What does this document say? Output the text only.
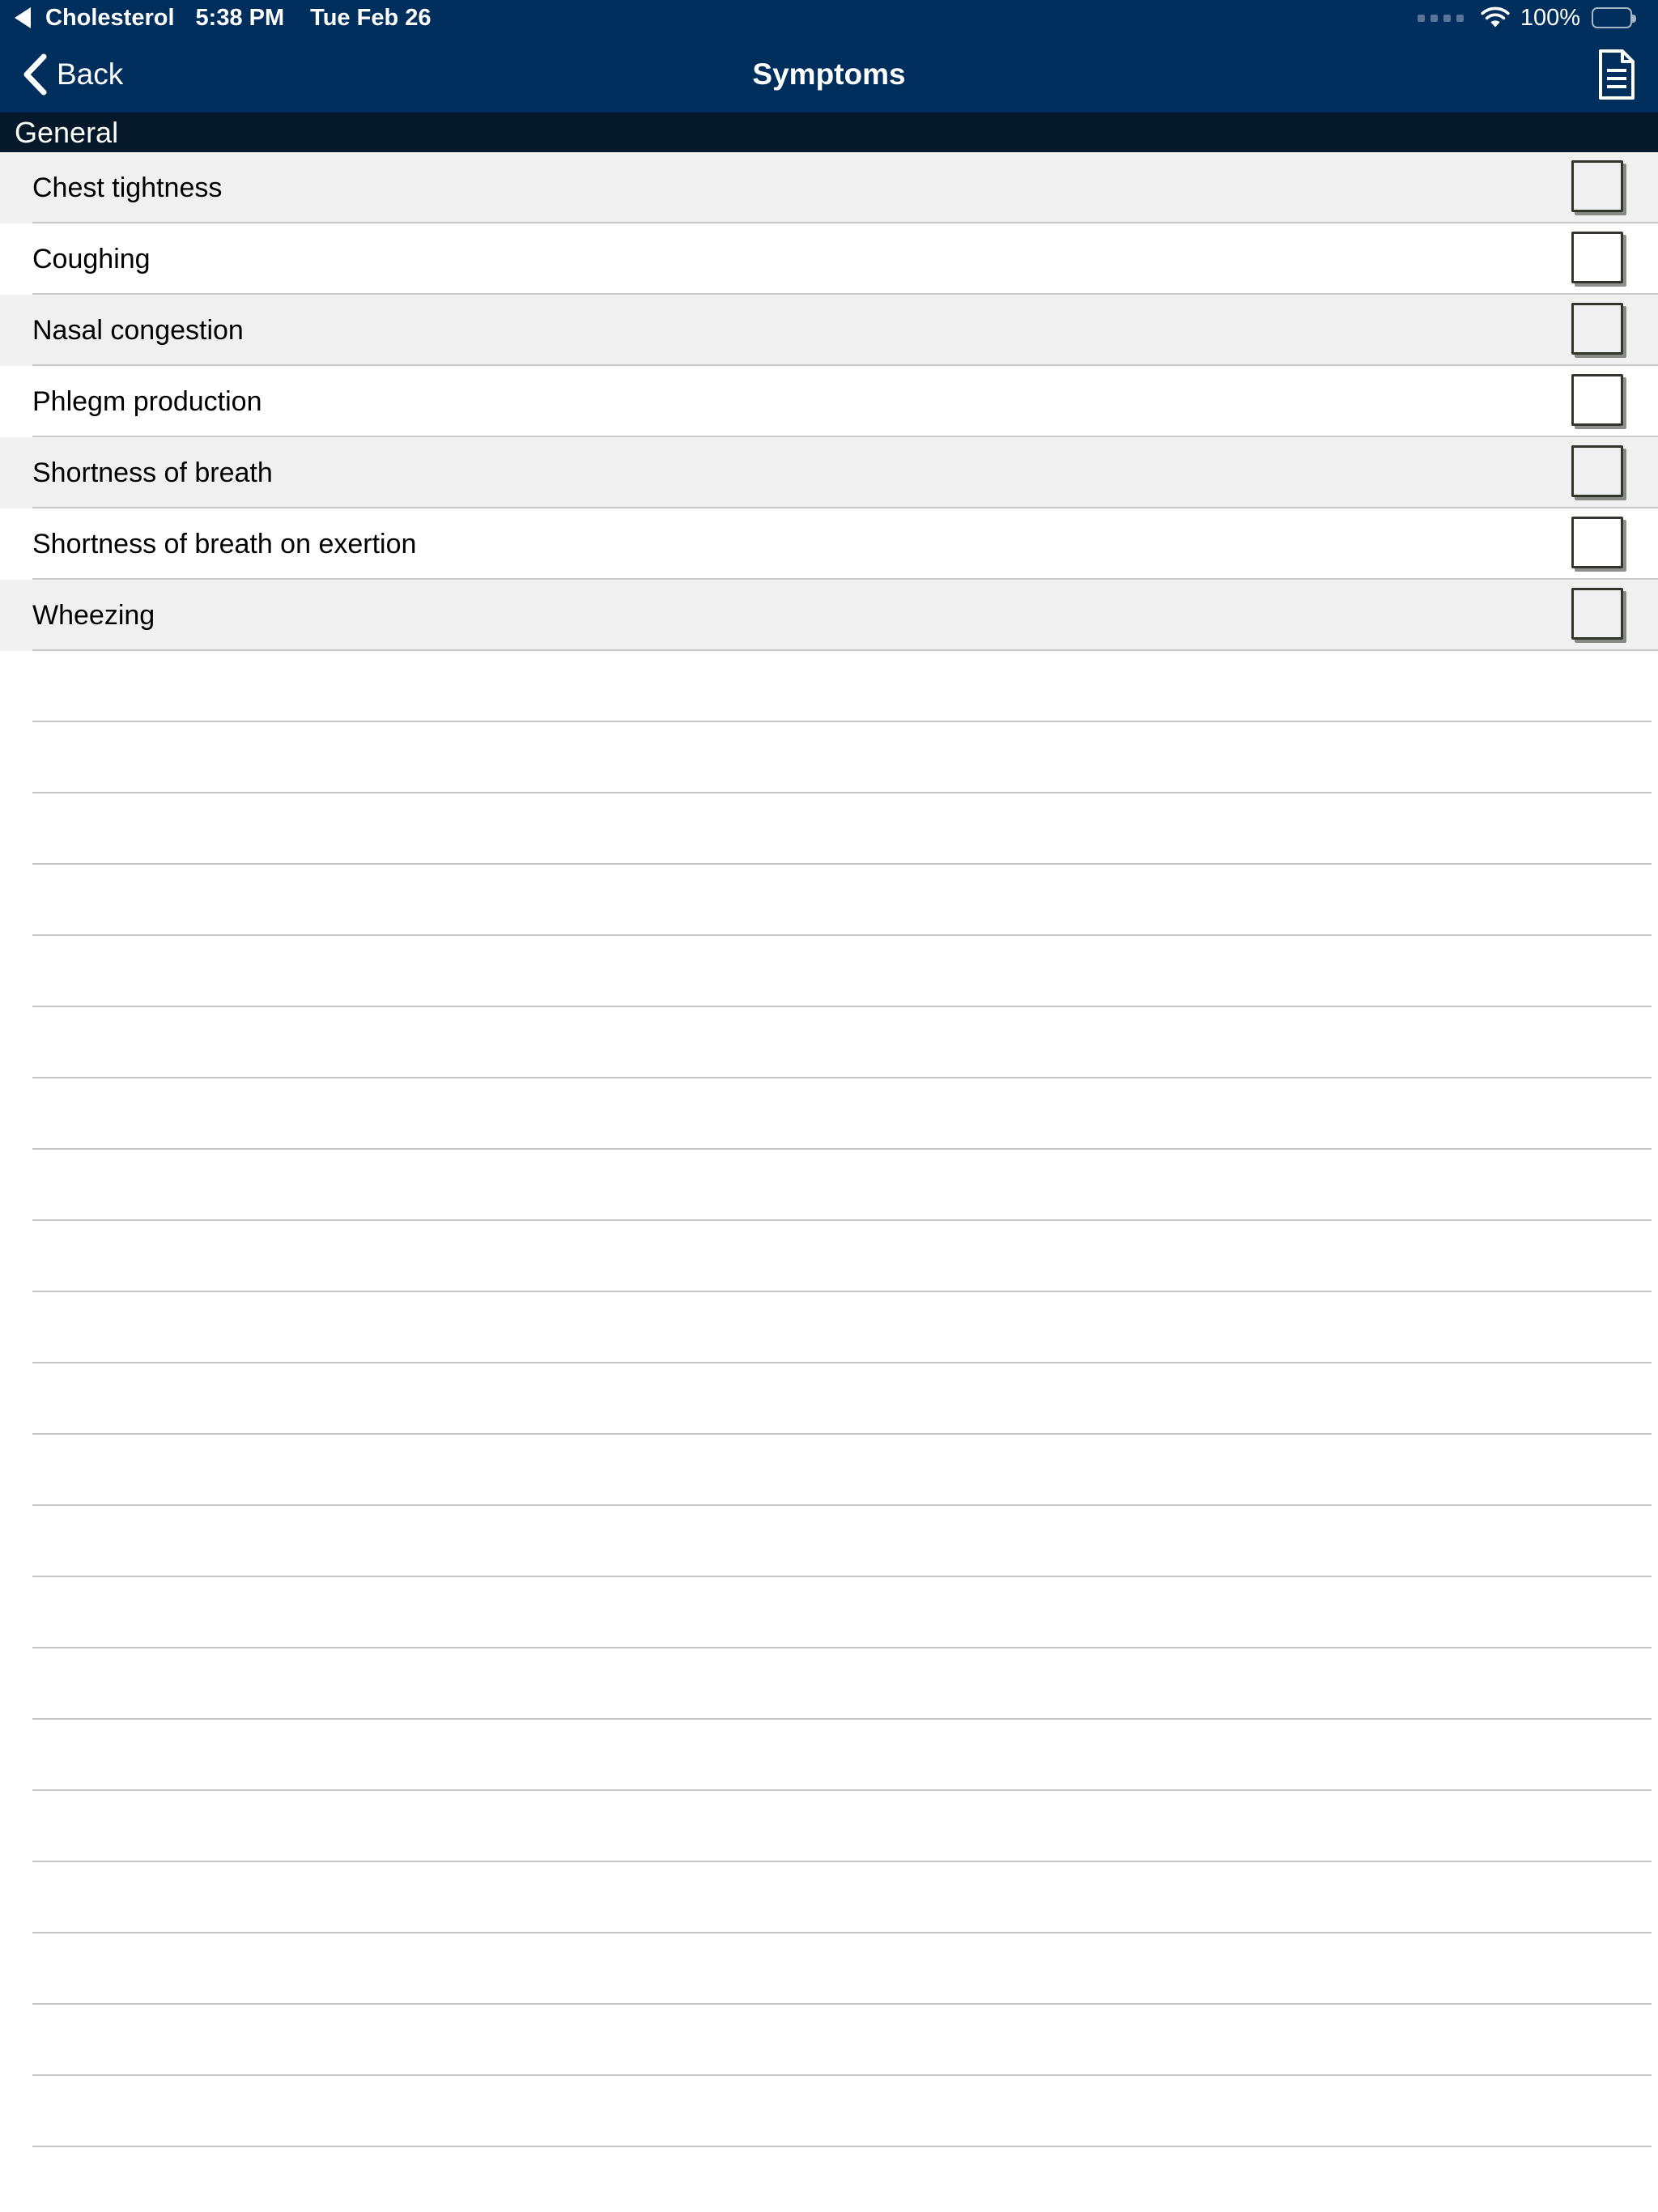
Cholesterol 5:38 PM Tue Feb 26	100%
Back	Symptoms
General
Chest tightness
Coughing
Nasal congestion
Phlegm production
Shortness of breath
Shortness of breath on exertion
Wheezing
